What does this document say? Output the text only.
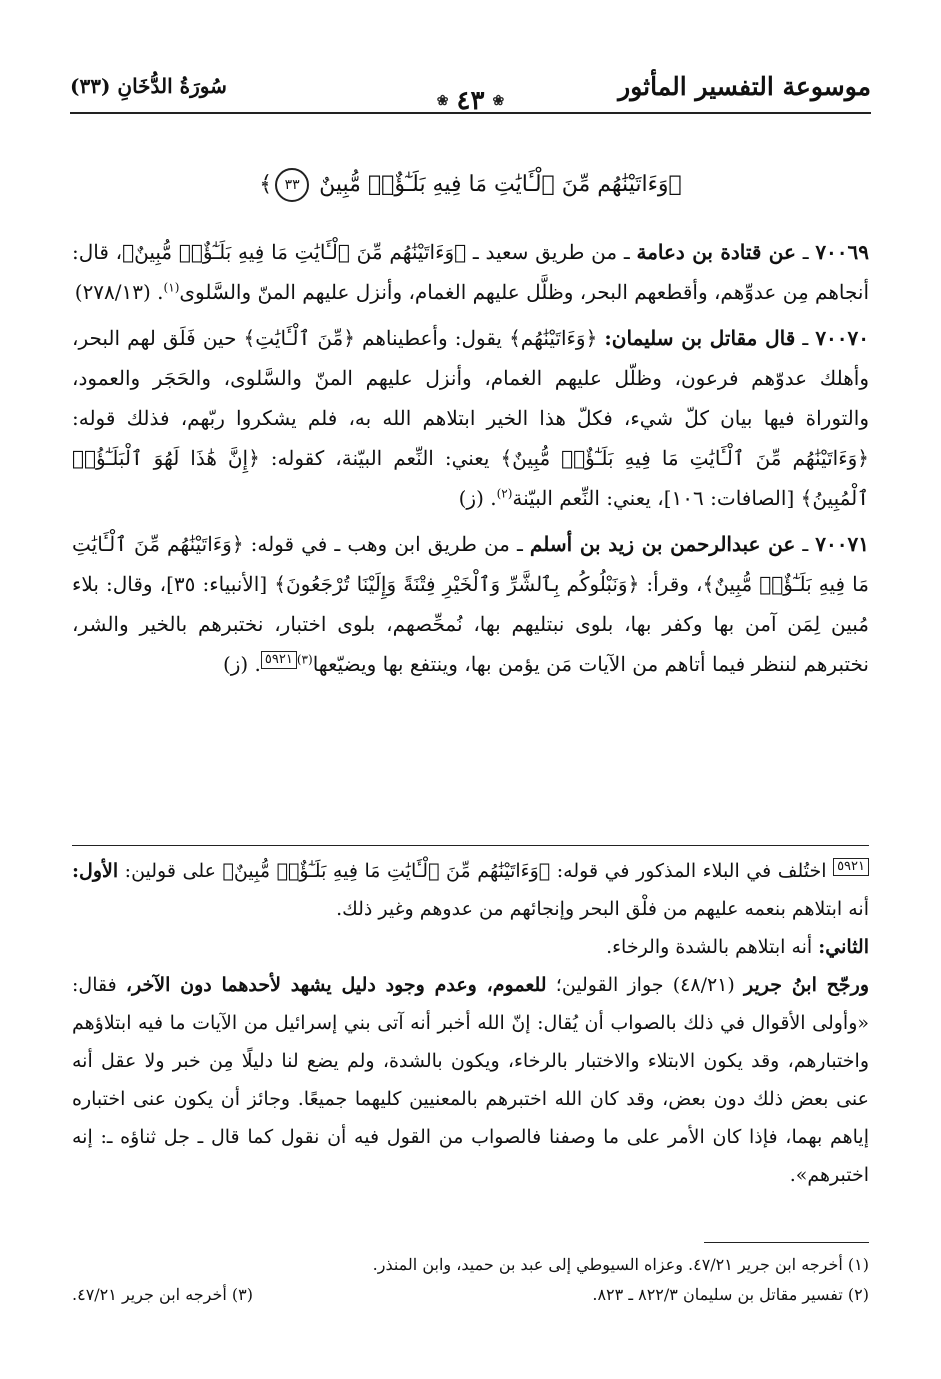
موسوعة التفسير المأثور
سُورَةُ الدُّخَانِ (٣٣)
❀
٤٣
❀
﴿وَءَاتَيْنَٰهُم مِّنَ ٱلْـَٔايَٰتِ مَا فِيهِ بَلَـٰٓؤٌا۟ مُّبِينٌ ٣٣﴾

٧٠٠٦٩ ـ عن قتادة بن دعامة ـ من طريق سعيد ـ ﴿وَءَاتَيْنَٰهُم مِّنَ ٱلْـَٔايَٰتِ مَا فِيهِ بَلَـٰٓؤٌا۟ مُّبِينٌ﴾، قال: أنجاهم مِن عدوِّهم، وأقطعهم البحر، وظلَّل عليهم الغمام، وأنزل عليهم المنّ والسَّلوى$^{(١)}$. (٢٧٨/١٣)

٧٠٠٧٠ ـ قال مقاتل بن سليمان: ﴿وَءَاتَيْنَٰهُم﴾ يقول: وأعطيناهم ﴿مِّنَ ٱلْـَٔايَٰتِ﴾ حين فَلَق لهم البحر، وأهلك عدوّهم فرعون، وظلّل عليهم الغمام، وأنزل عليهم المنّ والسَّلوى، والحَجَر والعمود، والتوراة فيها بيان كلّ شيء، فكلّ هذا الخير ابتلاهم الله به، فلم يشكروا ربّهم، فذلك قوله: ﴿وَءَاتَيْنَٰهُم مِّنَ ٱلْـَٔايَٰتِ مَا فِيهِ بَلَـٰٓؤٌا۟ مُّبِينٌ﴾ يعني: النِّعم البيّنة، كقوله: ﴿إِنَّ هَٰذَا لَهُوَ ٱلْبَلَـٰٓؤُا۟ ٱلْمُبِينُ﴾ [الصافات: ١٠٦]، يعني: النِّعم البيّنة$^{(٢)}$. (ز)

٧٠٠٧١ ـ عن عبدالرحمن بن زيد بن أسلم ـ من طريق ابن وهب ـ في قوله: ﴿وَءَاتَيْنَٰهُم مِّنَ ٱلْـَٔايَٰتِ مَا فِيهِ بَلَـٰٓؤٌا۟ مُّبِينٌ﴾، وقرأ: ﴿وَنَبْلُوكُم بِٱلشَّرِّ وَٱلْخَيْرِ فِتْنَةً وَإِلَيْنَا تُرْجَعُونَ﴾ [الأنبياء: ٣٥]، وقال: بلاء مُبين لِمَن آمن بها وكفر بها، بلوى نبتليهم بها، نُمحِّصهم، بلوى اختبار، نختبرهم بالخير والشر، نختبرهم لننظر فيما أتاهم من الآيات مَن يؤمن بها، وينتفع بها ويضيّعها$^{(٣)}$٥٩٢١. (ز)

٥٩٢١ اختُلف في البلاء المذكور في قوله: ﴿وَءَاتَيْنَٰهُم مِّنَ ٱلْـَٔايَٰتِ مَا فِيهِ بَلَـٰٓؤٌا۟ مُّبِينٌ﴾ على قولين: الأول: أنه ابتلاهم بنعمه عليهم من فلْق البحر وإنجائهم من عدوهم وغير ذلك.

الثاني: أنه ابتلاهم بالشدة والرخاء.

ورجّح ابنُ جرير (٤٨/٢١) جواز القولين؛ للعموم، وعدم وجود دليل يشهد لأحدهما دون الآخر، فقال: «وأولى الأقوال في ذلك بالصواب أن يُقال: إنّ الله أخبر أنه آتى بني إسرائيل من الآيات ما فيه ابتلاؤهم واختبارهم، وقد يكون الابتلاء والاختبار بالرخاء، ويكون بالشدة، ولم يضع لنا دليلًا مِن خبر ولا عقل أنه عنى بعض ذلك دون بعض، وقد كان الله اختبرهم بالمعنيين كليهما جميعًا. وجائز أن يكون عنى اختباره إياهم بهما، فإذا كان الأمر على ما وصفنا فالصواب من القول فيه أن نقول كما قال ـ جل ثناؤه ـ: إنه اختبرهم».

(١) أخرجه ابن جرير ٤٧/٢١. وعزاه السيوطي إلى عبد بن حميد، وابن المنذر.

(٢) تفسير مقاتل بن سليمان ٨٢٢/٣ ـ ٨٢٣.
(٣) أخرجه ابن جرير ٤٧/٢١.
